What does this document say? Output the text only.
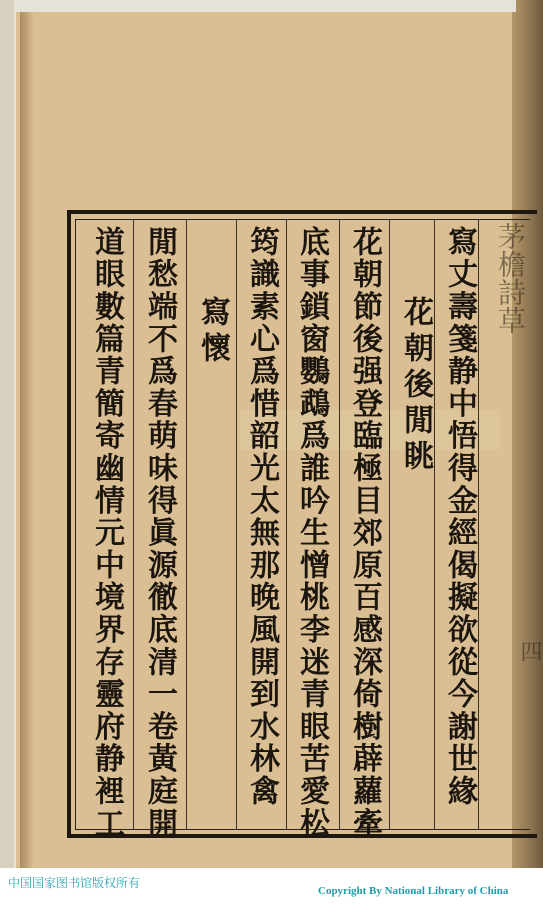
茅檐詩草
四
寫丈壽箋静中悟得金經偈擬欲從今謝世緣
花朝後閒眺
花朝節後强登臨極目郊原百感深倚樹薜蘿牽
底事鎖窗鸚鵡爲誰吟生憎桃李迷青眼苦愛松
筠識素心爲惜韶光太無那晚風開到水林禽
寫懷
閒愁端不爲春萌味得眞源徹底清一卷黃庭開
道眼數篇青簡寄幽情元中境界存靈府静裡工
中国国家图书馆版权所有
Copyright By National Library of China
